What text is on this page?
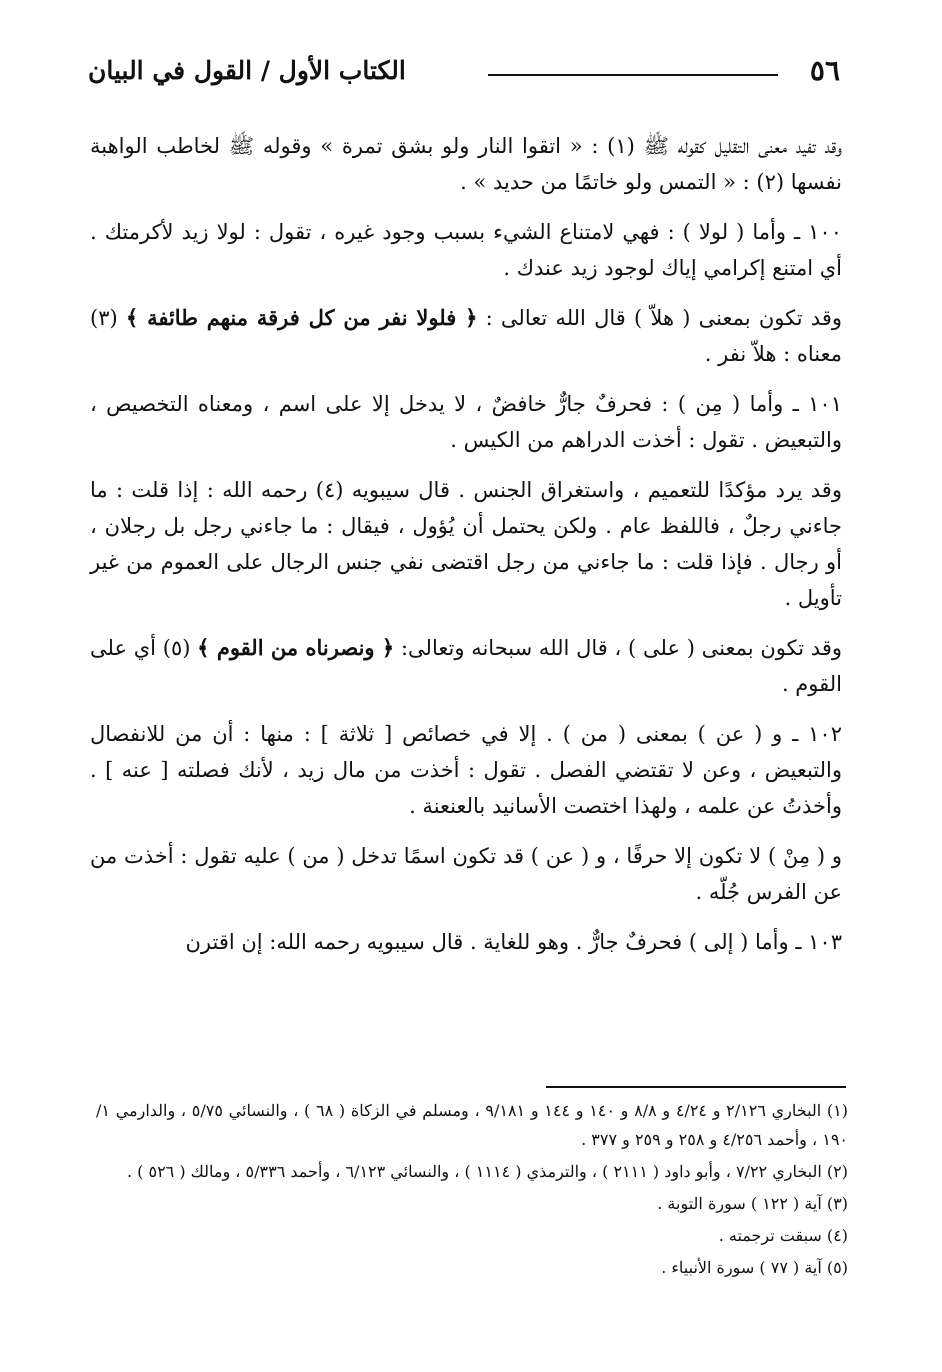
٥٦
الكتاب الأول / القول في البيان

وقد تفيد معنى التقليل كقوله ﷺ (١) : « اتقوا النار ولو بشق تمرة » وقوله ﷺ لخاطب الواهبة نفسها (٢) : « التمس ولو خاتمًا من حديد » .

١٠٠ ـ وأما ( لولا ) : فهي لامتناع الشيء بسبب وجود غيره ، تقول : لولا زيد لأكرمتك . أي امتنع إكرامي إياك لوجود زيد عندك .

وقد تكون بمعنى ( هلاّ ) قال الله تعالى : ﴿ فلولا نفر من كل فرقة منهم طائفة ﴾ (٣) معناه : هلاّ نفر .

١٠١ ـ وأما ( مِن ) : فحرفٌ جارٌّ خافضٌ ، لا يدخل إلا على اسم ، ومعناه التخصيص ، والتبعيض . تقول : أخذت الدراهم من الكيس .

وقد يرد مؤكدًا للتعميم ، واستغراق الجنس . قال سيبويه (٤) رحمه الله : إذا قلت : ما جاءني رجلٌ ، فاللفظ عام . ولكن يحتمل أن يُؤول ، فيقال : ما جاءني رجل بل رجلان ، أو رجال . فإذا قلت : ما جاءني من رجل اقتضى نفي جنس الرجال على العموم من غير تأويل .

وقد تكون بمعنى ( على ) ، قال الله سبحانه وتعالى: ﴿ ونصرناه من القوم ﴾ (٥) أي على القوم .

١٠٢ ـ و ( عن ) بمعنى ( من ) . إلا في خصائص [ ثلاثة ] : منها : أن من للانفصال والتبعيض ، وعن لا تقتضي الفصل . تقول : أخذت من مال زيد ، لأنك فصلته [ عنه ] . وأخذتُ عن علمه ، ولهذا اختصت الأسانيد بالعنعنة .

و ( مِنْ ) لا تكون إلا حرفًا ، و ( عن ) قد تكون اسمًا تدخل ( من ) عليه تقول : أخذت من عن الفرس جُلّه .

١٠٣ ـ وأما ( إلى ) فحرفٌ جارٌّ . وهو للغاية . قال سيبويه رحمه الله: إن اقترن

(١) البخاري ٢/١٢٦ و ٤/٢٤ و ٨/٨ و ١٤٠ و ١٤٤ و ٩/١٨١ ، ومسلم في الزكاة ( ٦٨ ) ، والنسائي ٥/٧٥ ، والدارمي ١/ ١٩٠ ، وأحمد ٤/٢٥٦ و ٢٥٨ و ٢٥٩ و ٣٧٧ .

(٢) البخاري ٧/٢٢ ، وأبو داود ( ٢١١١ ) ، والترمذي ( ١١١٤ ) ، والنسائي ٦/١٢٣ ، وأحمد ٥/٣٣٦ ، ومالك ( ٥٢٦ ) .

(٣) آية ( ١٢٢ ) سورة التوبة .

(٤) سبقت ترجمته .

(٥) آية ( ٧٧ ) سورة الأنبياء .
